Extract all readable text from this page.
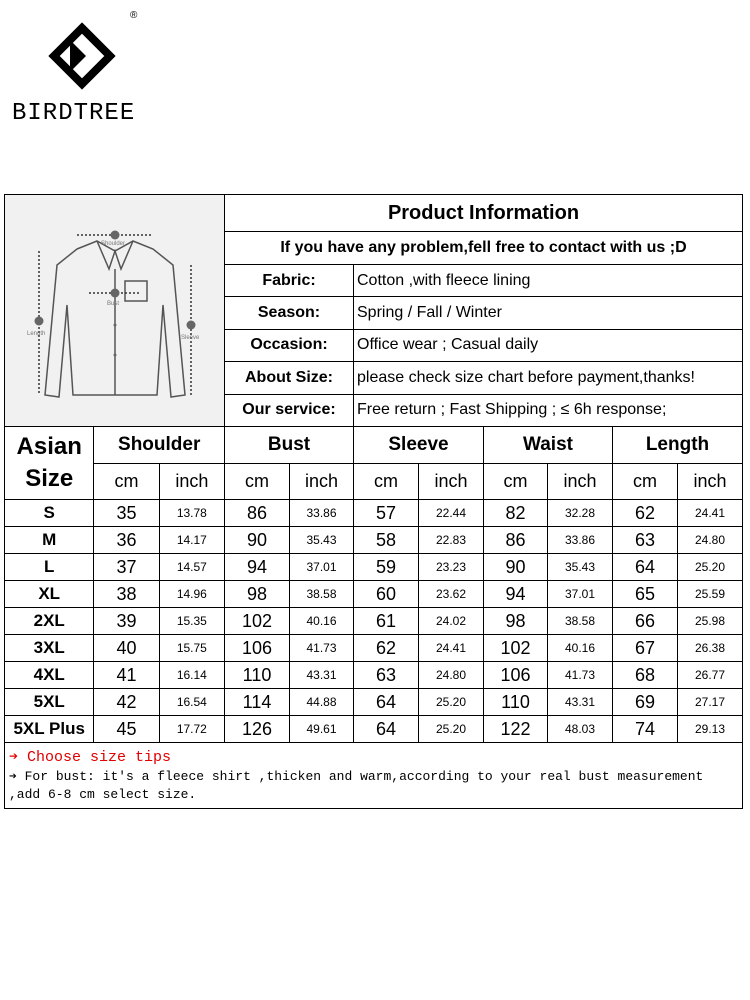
BIRDTREE
®
Shoulder
Bust
Length
Sleeve			Product Information							
			If you have any problem,fell free to contact with us ;D							
			Fabric:		Cotton ,with fleece lining					
			Season:		Spring / Fall / Winter					
			Occasion:		Office wear ; Casual daily					
			About Size:		please check size chart before payment,thanks!					
			Our service:		Free return ; Fast Shipping ; ≤ 6h response;					
Asian
Size	Shoulder		Bust		Sleeve		Waist		Length	
	cm	inch	cm	inch	cm	inch	cm	inch	cm	inch
S	35	13.78	86	33.86	57	22.44	82	32.28	62	24.41
M	36	14.17	90	35.43	58	22.83	86	33.86	63	24.80
L	37	14.57	94	37.01	59	23.23	90	35.43	64	25.20
XL	38	14.96	98	38.58	60	23.62	94	37.01	65	25.59
2XL	39	15.35	102	40.16	61	24.02	98	38.58	66	25.98
3XL	40	15.75	106	41.73	62	24.41	102	40.16	67	26.38
4XL	41	16.14	110	43.31	63	24.80	106	41.73	68	26.77
5XL	42	16.54	114	44.88	64	25.20	110	43.31	69	27.17
5XL Plus	45	17.72	126	49.61	64	25.20	122	48.03	74	29.13
➔ Choose size tips										
➔ For bust: it's a fleece shirt ,thicken and warm,according to your real bust measurement ,add 6-8 cm select size.										
